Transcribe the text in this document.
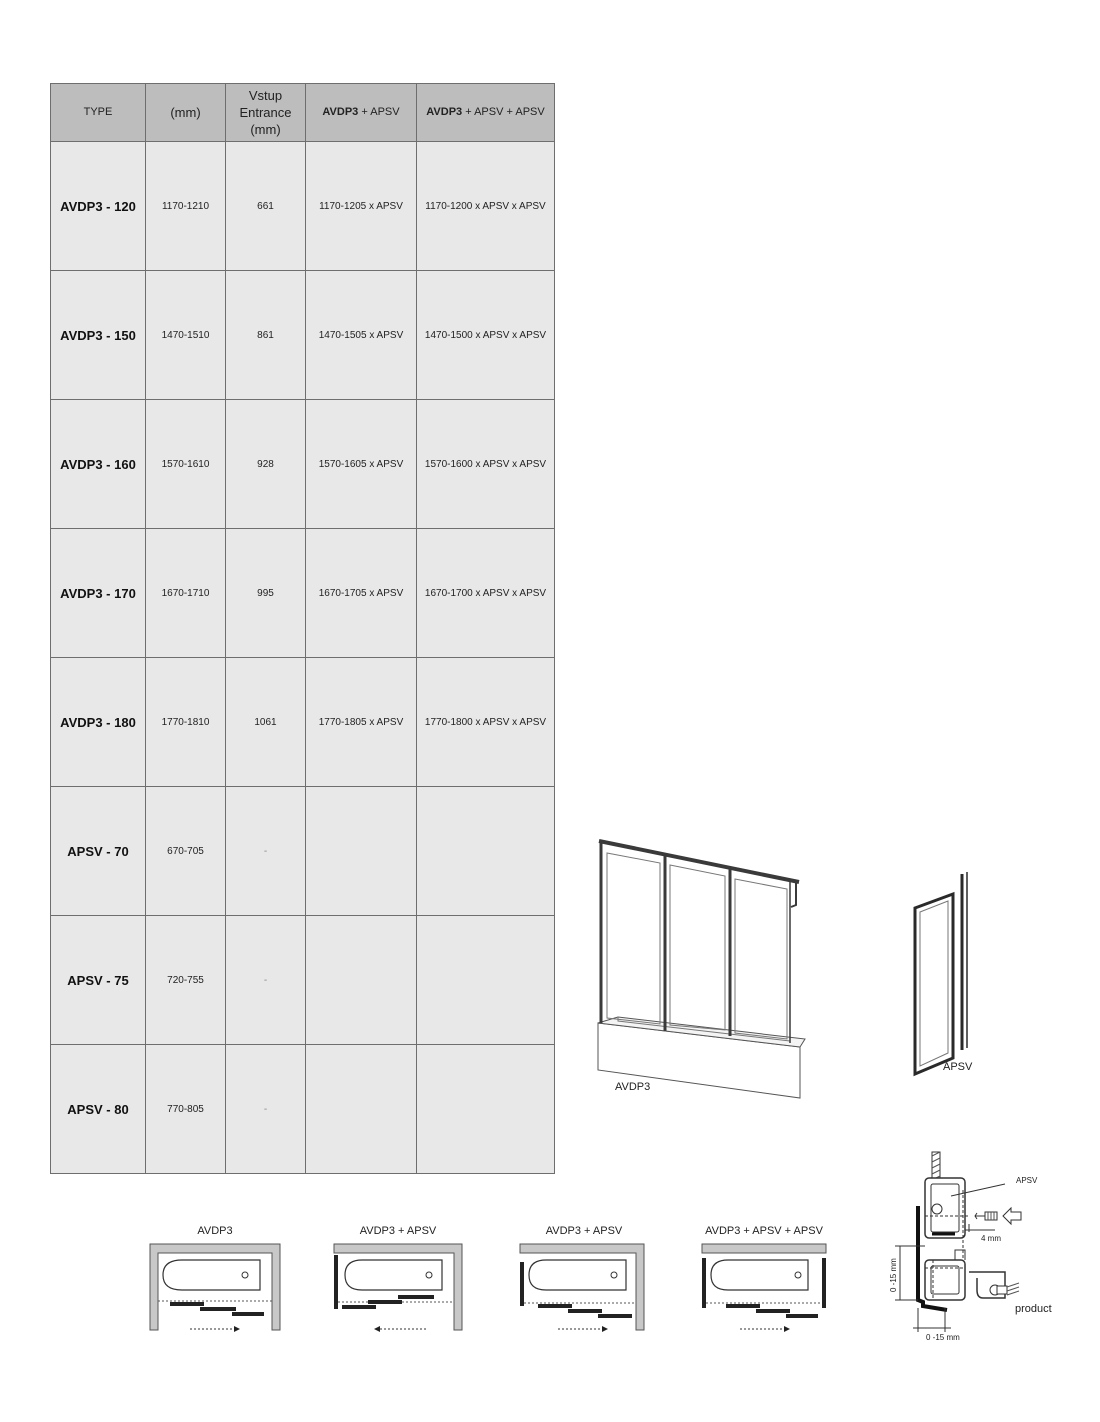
TYPE	(mm)	Vstup
Entrance
(mm)	AVDP3 + APSV	AVDP3 + APSV + APSV
AVDP3 - 120	1170-1210	661	1170-1205 x APSV	1170-1200 x APSV x APSV
AVDP3 - 150	1470-1510	861	1470-1505 x APSV	1470-1500 x APSV x APSV
AVDP3 - 160	1570-1610	928	1570-1605 x APSV	1570-1600 x APSV x APSV
AVDP3 - 170	1670-1710	995	1670-1705 x APSV	1670-1700 x APSV x APSV
AVDP3 - 180	1770-1810	1061	1770-1805 x APSV	1770-1800 x APSV x APSV
APSV - 70	670-705	-		
APSV - 75	720-755	-		
APSV - 80	770-805	-		
AVDP3
APSV
AVDP3	AVDP3 + APSV	AVDP3 + APSV	AVDP3 + APSV + APSV
APSV
4 mm
0 -15 mm
0 -15 mm
product
